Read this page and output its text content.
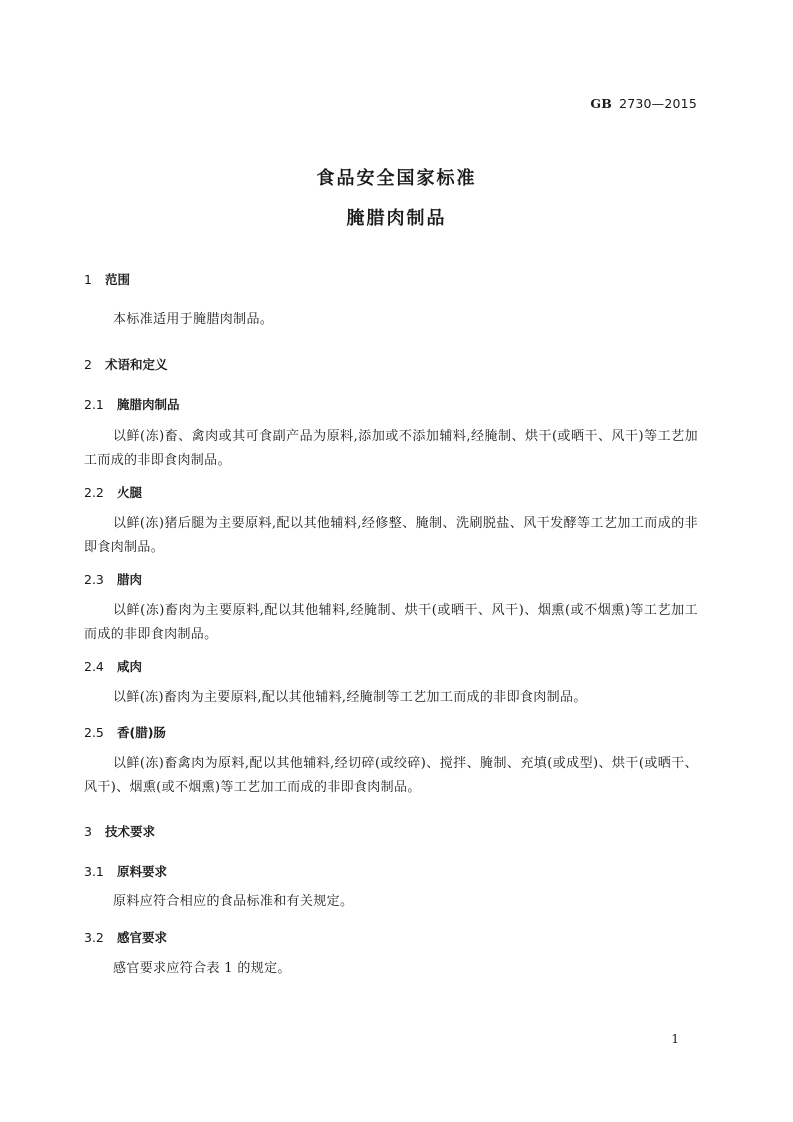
GB 2730—2015
食品安全国家标准
腌腊肉制品
1 范围
本标准适用于腌腊肉制品。
2 术语和定义
2.1 腌腊肉制品
以鲜(冻)畜、禽肉或其可食副产品为原料,添加或不添加辅料,经腌制、烘干(或晒干、风干)等工艺加工而成的非即食肉制品。
2.2 火腿
以鲜(冻)猪后腿为主要原料,配以其他辅料,经修整、腌制、洗刷脱盐、风干发酵等工艺加工而成的非即食肉制品。
2.3 腊肉
以鲜(冻)畜肉为主要原料,配以其他辅料,经腌制、烘干(或晒干、风干)、烟熏(或不烟熏)等工艺加工而成的非即食肉制品。
2.4 咸肉
以鲜(冻)畜肉为主要原料,配以其他辅料,经腌制等工艺加工而成的非即食肉制品。
2.5 香(腊)肠
以鲜(冻)畜禽肉为原料,配以其他辅料,经切碎(或绞碎)、搅拌、腌制、充填(或成型)、烘干(或晒干、风干)、烟熏(或不烟熏)等工艺加工而成的非即食肉制品。
3 技术要求
3.1 原料要求
原料应符合相应的食品标准和有关规定。
3.2 感官要求
感官要求应符合表 1 的规定。
1
